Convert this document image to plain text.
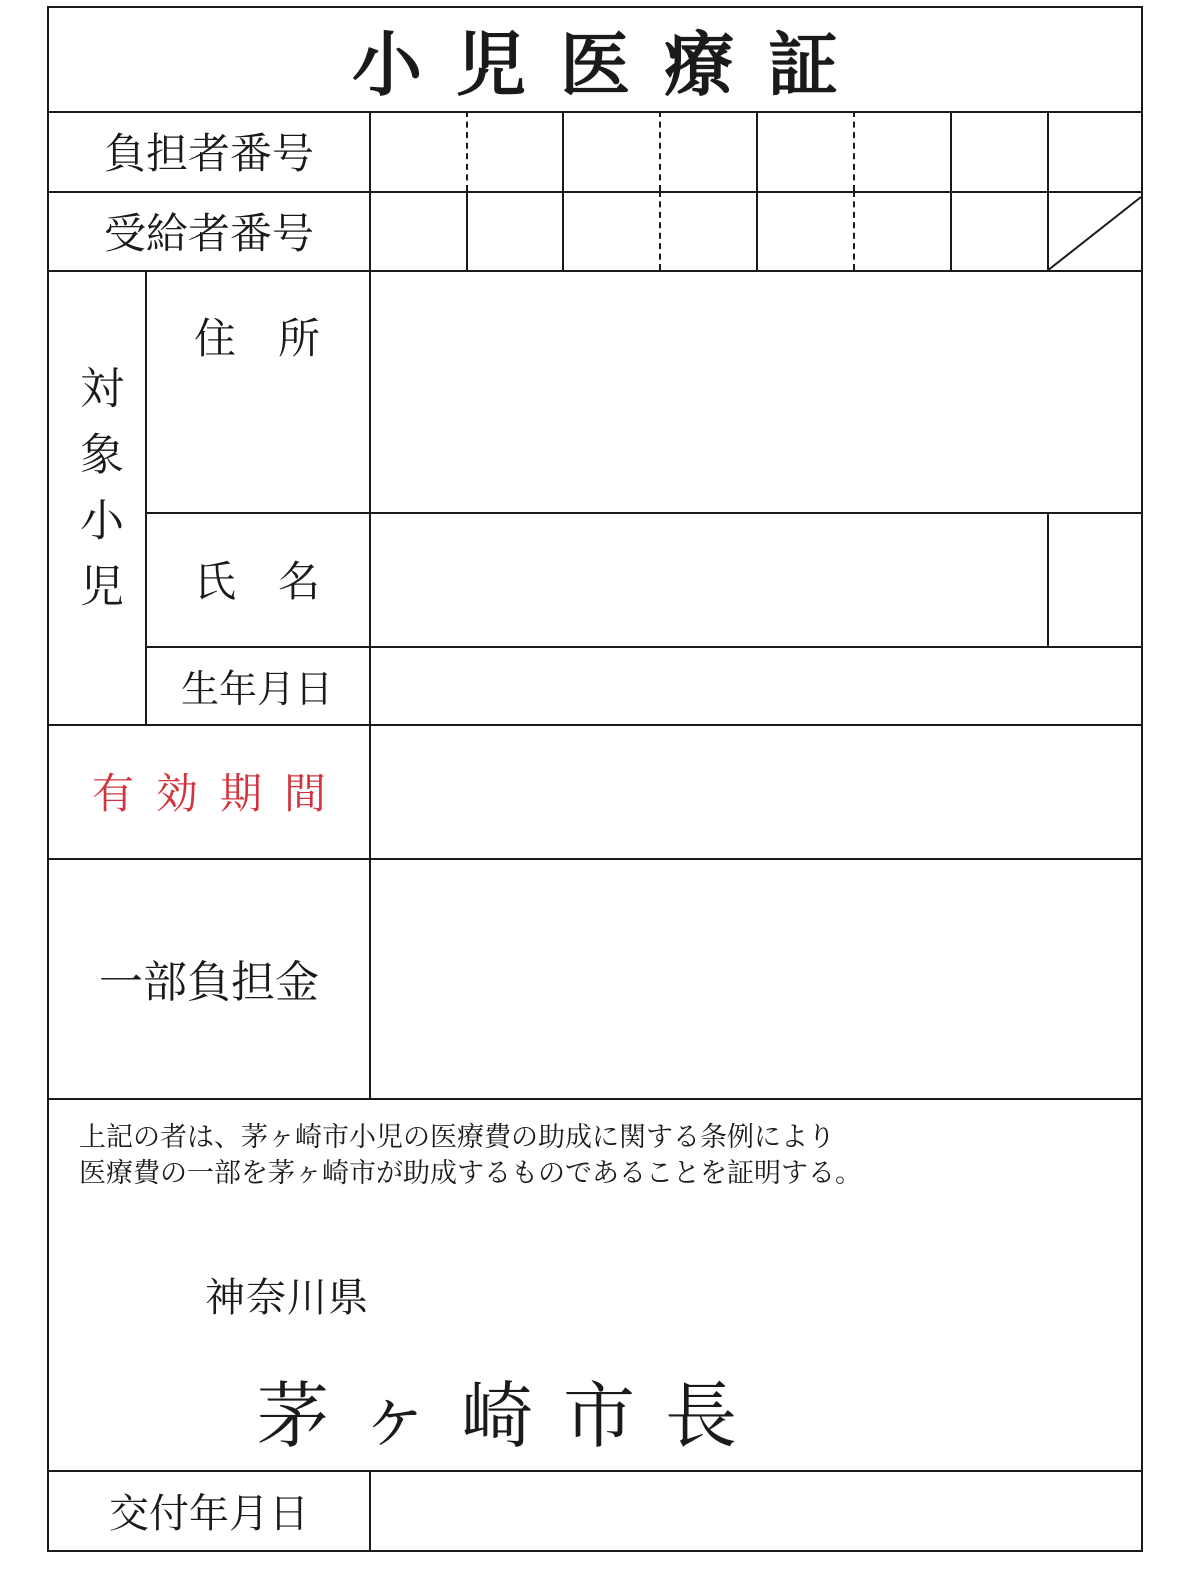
小児医療証
負担者番号
受給者番号
対象小児
住　所
氏　名
生年月日
有効期間
一部負担金
上記の者は、茅ヶ崎市小児の医療費の助成に関する条例により
医療費の一部を茅ヶ崎市が助成するものであることを証明する。
神奈川県
茅ヶ崎市長
交付年月日
